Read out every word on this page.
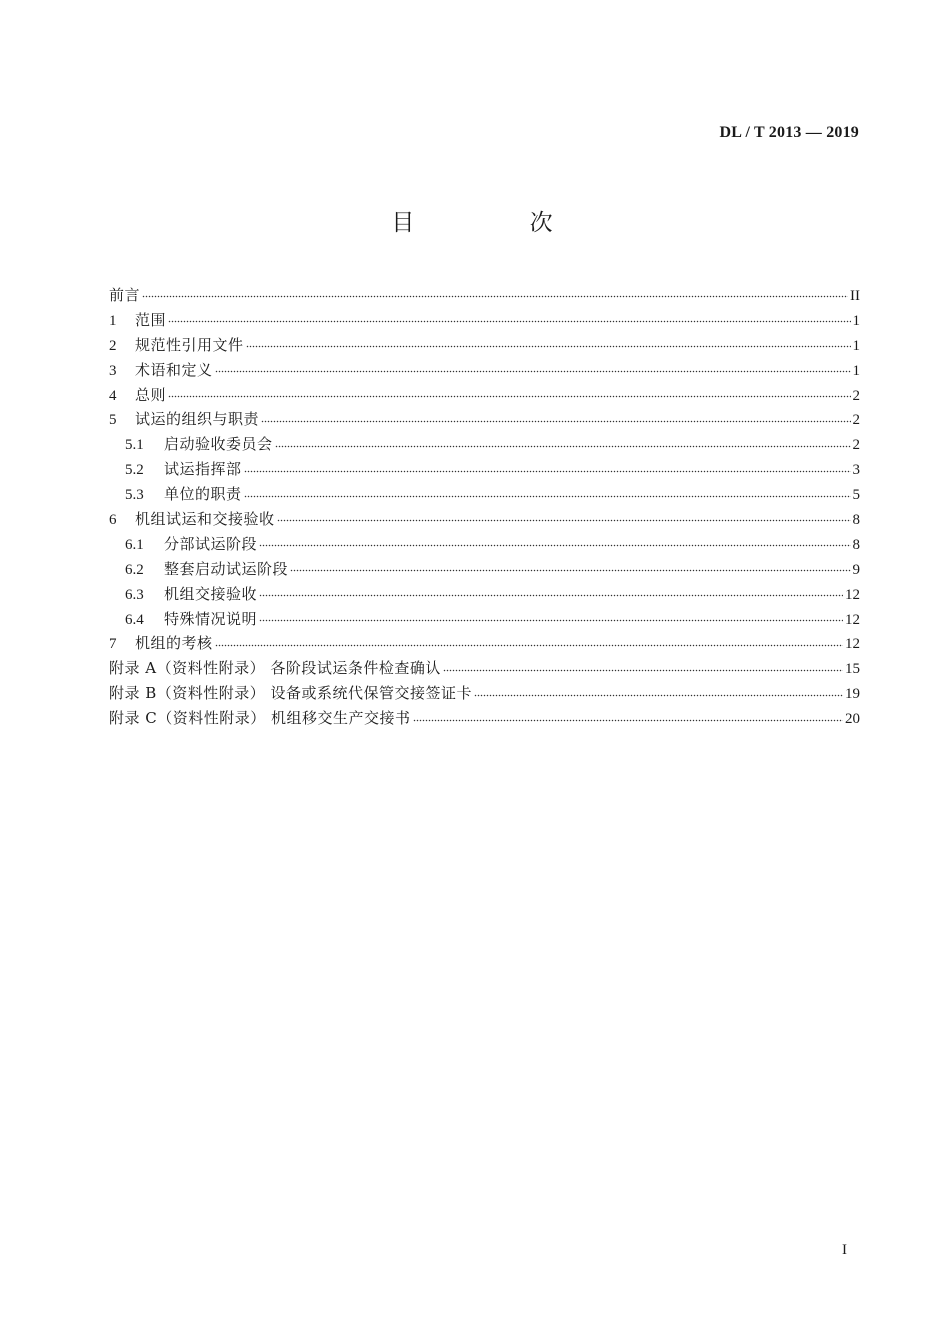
DL / T 2013 — 2019
目 次
前言	II
1	范围	1
2	规范性引用文件	1
3	术语和定义	1
4	总则	2
5	试运的组织与职责	2
5.1	启动验收委员会	2
5.2	试运指挥部	3
5.3	单位的职责	5
6	机组试运和交接验收	8
6.1	分部试运阶段	8
6.2	整套启动试运阶段	9
6.3	机组交接验收	12
6.4	特殊情况说明	12
7	机组的考核	12
附录 A（资料性附录） 各阶段试运条件检查确认	15
附录 B（资料性附录） 设备或系统代保管交接签证卡	19
附录 C（资料性附录） 机组移交生产交接书	20
I
